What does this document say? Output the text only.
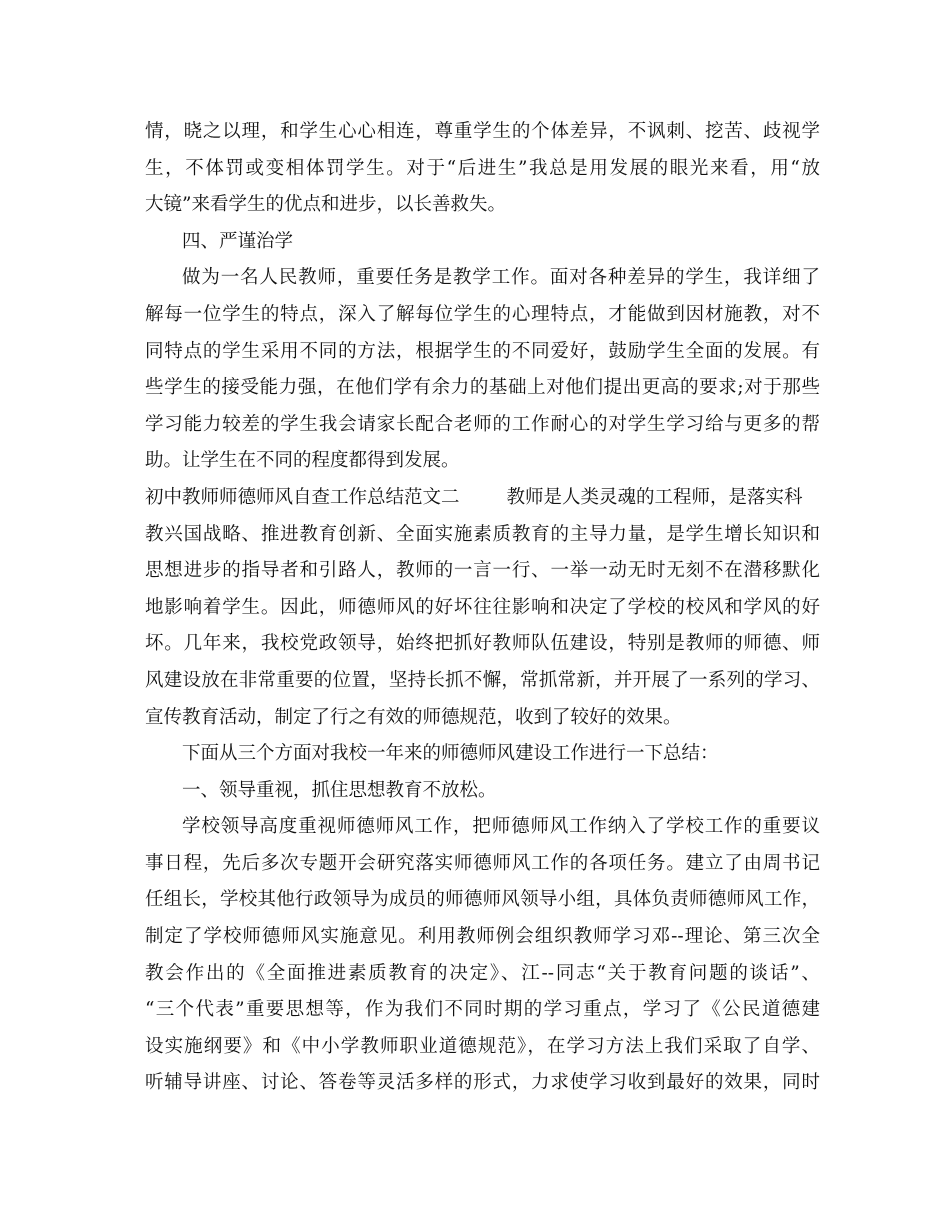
情，晓之以理，和学生心心相连，尊重学生的个体差异，不讽刺、挖苦、歧视学
生，不体罚或变相体罚学生。对于“后进生”我总是用发展的眼光来看，用“放
大镜”来看学生的优点和进步，以长善救失。
四、严谨治学
做为一名人民教师，重要任务是教学工作。面对各种差异的学生，我详细了
解每一位学生的特点，深入了解每位学生的心理特点，才能做到因材施教，对不
同特点的学生采用不同的方法，根据学生的不同爱好，鼓励学生全面的发展。有
些学生的接受能力强，在他们学有余力的基础上对他们提出更高的要求;对于那些
学习能力较差的学生我会请家长配合老师的工作耐心的对学生学习给与更多的帮
助。让学生在不同的程度都得到发展。
初中教师师德师风自查工作总结范文二        教师是人类灵魂的工程师，是落实科
教兴国战略、推进教育创新、全面实施素质教育的主导力量，是学生增长知识和
思想进步的指导者和引路人，教师的一言一行、一举一动无时无刻不在潜移默化
地影响着学生。因此，师德师风的好坏往往影响和决定了学校的校风和学风的好
坏。几年来，我校党政领导，始终把抓好教师队伍建设，特别是教师的师德、师
风建设放在非常重要的位置，坚持长抓不懈，常抓常新，并开展了一系列的学习、
宣传教育活动，制定了行之有效的师德规范，收到了较好的效果。
下面从三个方面对我校一年来的师德师风建设工作进行一下总结：
一、领导重视，抓住思想教育不放松。
学校领导高度重视师德师风工作，把师德师风工作纳入了学校工作的重要议
事日程，先后多次专题开会研究落实师德师风工作的各项任务。建立了由周书记
任组长，学校其他行政领导为成员的师德师风领导小组，具体负责师德师风工作，
制定了学校师德师风实施意见。利用教师例会组织教师学习邓--理论、第三次全
教会作出的《全面推进素质教育的决定》、江--同志“关于教育问题的谈话”、
“三个代表”重要思想等，作为我们不同时期的学习重点，学习了《公民道德建
设实施纲要》和《中小学教师职业道德规范》，在学习方法上我们采取了自学、
听辅导讲座、讨论、答卷等灵活多样的形式，力求使学习收到最好的效果，同时
